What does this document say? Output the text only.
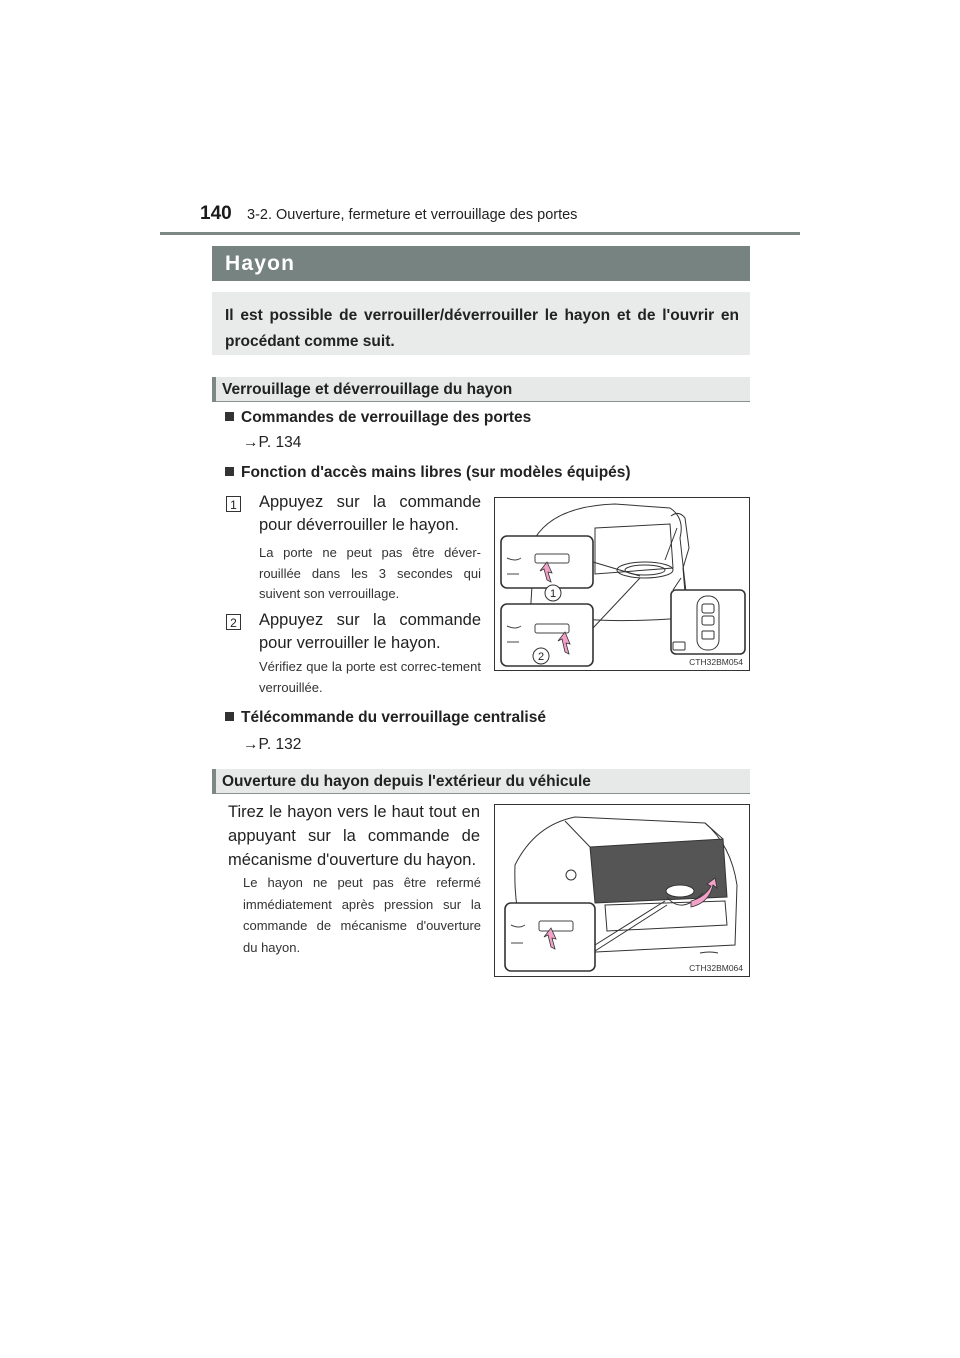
140 3-2. Ouverture, fermeture et verrouillage des portes
Hayon
Il est possible de verrouiller/déverrouiller le hayon et de l'ouvrir en procédant comme suit.
Verrouillage et déverrouillage du hayon
Commandes de verrouillage des portes
→P. 134
Fonction d'accès mains libres (sur modèles équipés)
1 Appuyez sur la commande pour déverrouiller le hayon.
La porte ne peut pas être déver-rouillée dans les 3 secondes qui suivent son verrouillage.
2 Appuyez sur la commande pour verrouiller le hayon.
Vérifiez que la porte est correc-tement verrouillée.
1
2	CTH32BM054
Télécommande du verrouillage centralisé
→P. 132
Ouverture du hayon depuis l'extérieur du véhicule
Tirez le hayon vers le haut tout en appuyant sur la commande de mécanisme d'ouverture du hayon.
Le hayon ne peut pas être refermé immédiatement après pression sur la commande de mécanisme d'ouverture du hayon.
CTH32BM064
